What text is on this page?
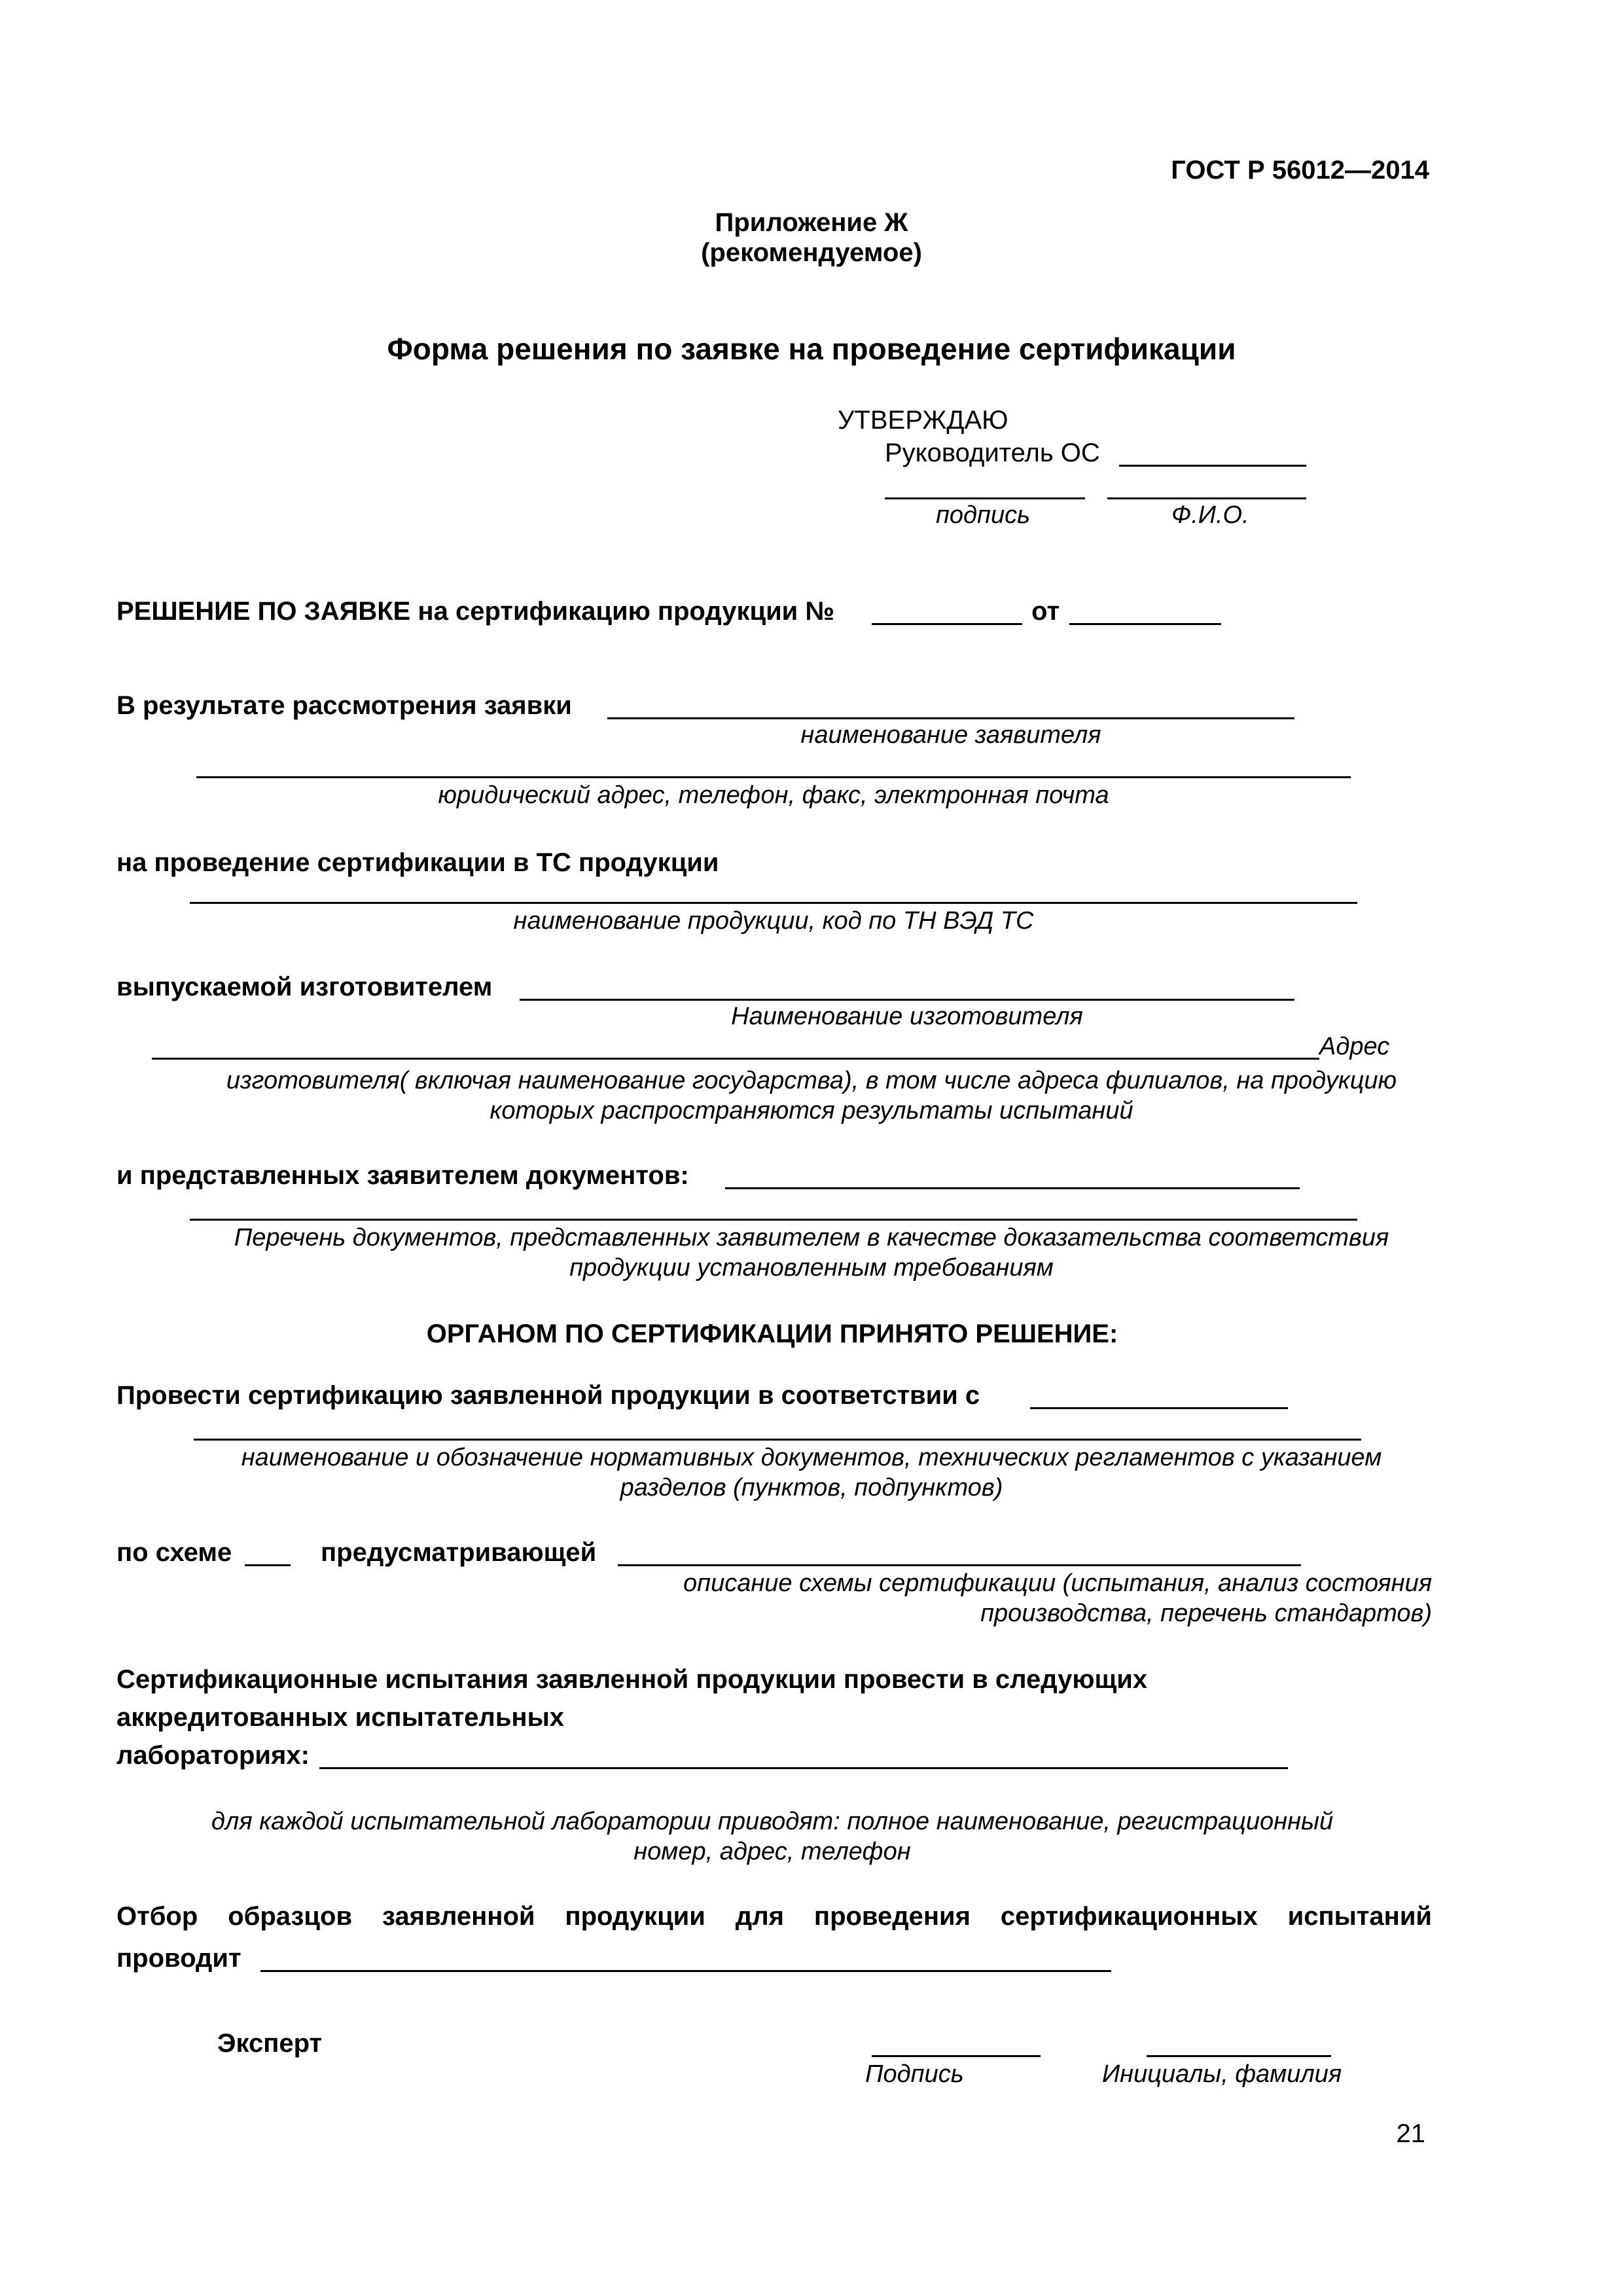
ГОСТ Р 56012—2014
Приложение Ж
(рекомендуемое)
Форма решения по заявке на проведение сертификации
УТВЕРЖДАЮ
Руководитель ОС
подпись	Ф.И.О.
РЕШЕНИЕ ПО ЗАЯВКЕ на сертификацию продукции №	от
В результате рассмотрения заявки
наименование заявителя
юридический адрес, телефон, факс, электронная почта
на проведение сертификации в ТС продукции
наименование продукции, код по ТН ВЭД ТС
выпускаемой изготовителем
Наименование изготовителя
Адрес
изготовителя( включая наименование государства), в том числе адреса филиалов, на продукцию
которых распространяются результаты испытаний
и представленных заявителем документов:
Перечень документов, представленных заявителем в качестве доказательства соответствия
продукции установленным требованиям
ОРГАНОМ ПО СЕРТИФИКАЦИИ ПРИНЯТО РЕШЕНИЕ:
Провести сертификацию заявленной продукции в соответствии с
наименование и обозначение нормативных документов, технических регламентов с указанием
разделов (пунктов, подпунктов)
по схеме	предусматривающей
описание схемы сертификации (испытания, анализ состояния
производства, перечень стандартов)
Сертификационные испытания заявленной продукции провести в следующих
аккредитованных испытательных
лабораториях:
для каждой испытательной лаборатории приводят: полное наименование, регистрационный
номер, адрес, телефон
Отбор образцов заявленной продукции для проведения сертификационных испытаний
проводит
Эксперт
Подпись	Инициалы, фамилия
21
